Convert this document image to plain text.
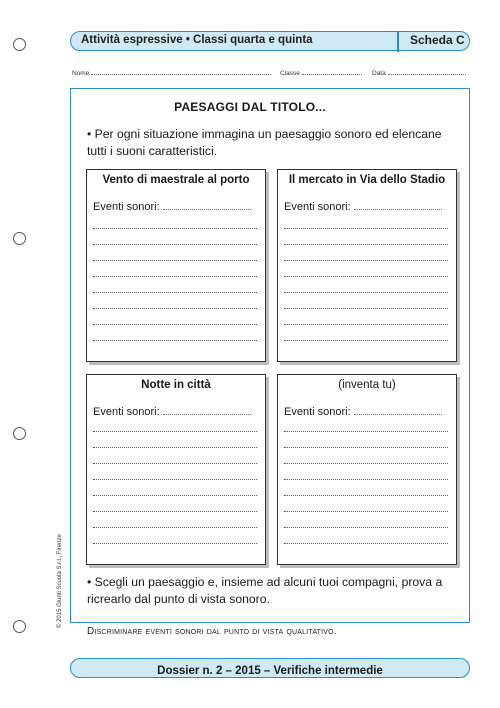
Attività espressive • Classi quarta e quinta	Scheda C
Nome	Classe	Data
PAESAGGI DAL TITOLO...
• Per ogni situazione immagina un paesaggio sonoro ed elencane tutti i suoni caratteristici.
Vento di maestrale al porto
Eventi sonori:
Il mercato in Via dello Stadio
Eventi sonori:
Notte in città
Eventi sonori:
(inventa tu)
Eventi sonori:
• Scegli un paesaggio e, insieme ad alcuni tuoi compagni, prova a ricrearlo dal punto di vista sonoro.
Discriminare eventi sonori dal punto di vista qualitativo.
Dossier n. 2 – 2015 – Verifiche intermedie
© 2015 Giunti Scuola S.r.l., Firenze
